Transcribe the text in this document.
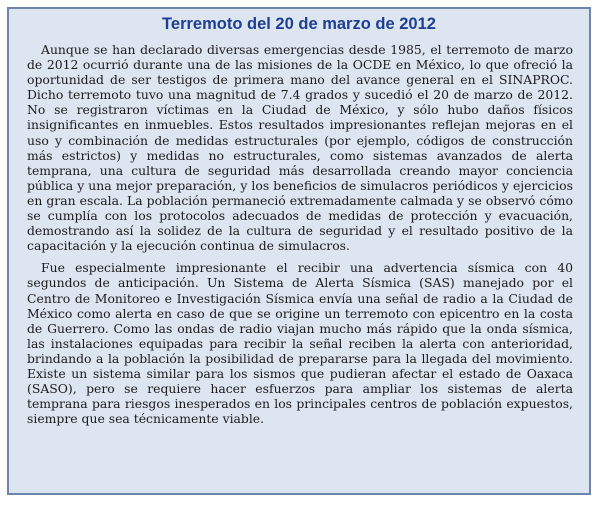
Terremoto del 20 de marzo de 2012

Aunque se han declarado diversas emergencias desde 1985, el terremoto de marzo de 2012 ocurrió durante una de las misiones de la OCDE en México, lo que ofreció la oportunidad de ser testigos de primera mano del avance general en el SINAPROC. Dicho terremoto tuvo una magnitud de 7.4 grados y sucedió el 20 de marzo de 2012. No se registraron víctimas en la Ciudad de México, y sólo hubo daños físicos insignificantes en inmuebles. Estos resultados impresionantes reflejan mejoras en el uso y combinación de medidas estructurales (por ejemplo, códigos de construcción más estrictos) y medidas no estructurales, como sistemas avanzados de alerta temprana, una cultura de seguridad más desarrollada creando mayor conciencia pública y una mejor preparación, y los beneficios de simulacros periódicos y ejercicios en gran escala. La población permaneció extremadamente calmada y se observó cómo se cumplía con los protocolos adecuados de medidas de protección y evacuación, demostrando así la solidez de la cultura de seguridad y el resultado positivo de la capacitación y la ejecución continua de simulacros.

Fue especialmente impresionante el recibir una advertencia sísmica con 40 segundos de anticipación. Un Sistema de Alerta Sísmica (SAS) manejado por el Centro de Monitoreo e Investigación Sísmica envía una señal de radio a la Ciudad de México como alerta en caso de que se origine un terremoto con epicentro en la costa de Guerrero. Como las ondas de radio viajan mucho más rápido que la onda sísmica, las instalaciones equipadas para recibir la señal reciben la alerta con anterioridad, brindando a la población la posibilidad de prepararse para la llegada del movimiento. Existe un sistema similar para los sismos que pudieran afectar el estado de Oaxaca (SASO), pero se requiere hacer esfuerzos para ampliar los sistemas de alerta temprana para riesgos inesperados en los principales centros de población expuestos, siempre que sea técnicamente viable.
